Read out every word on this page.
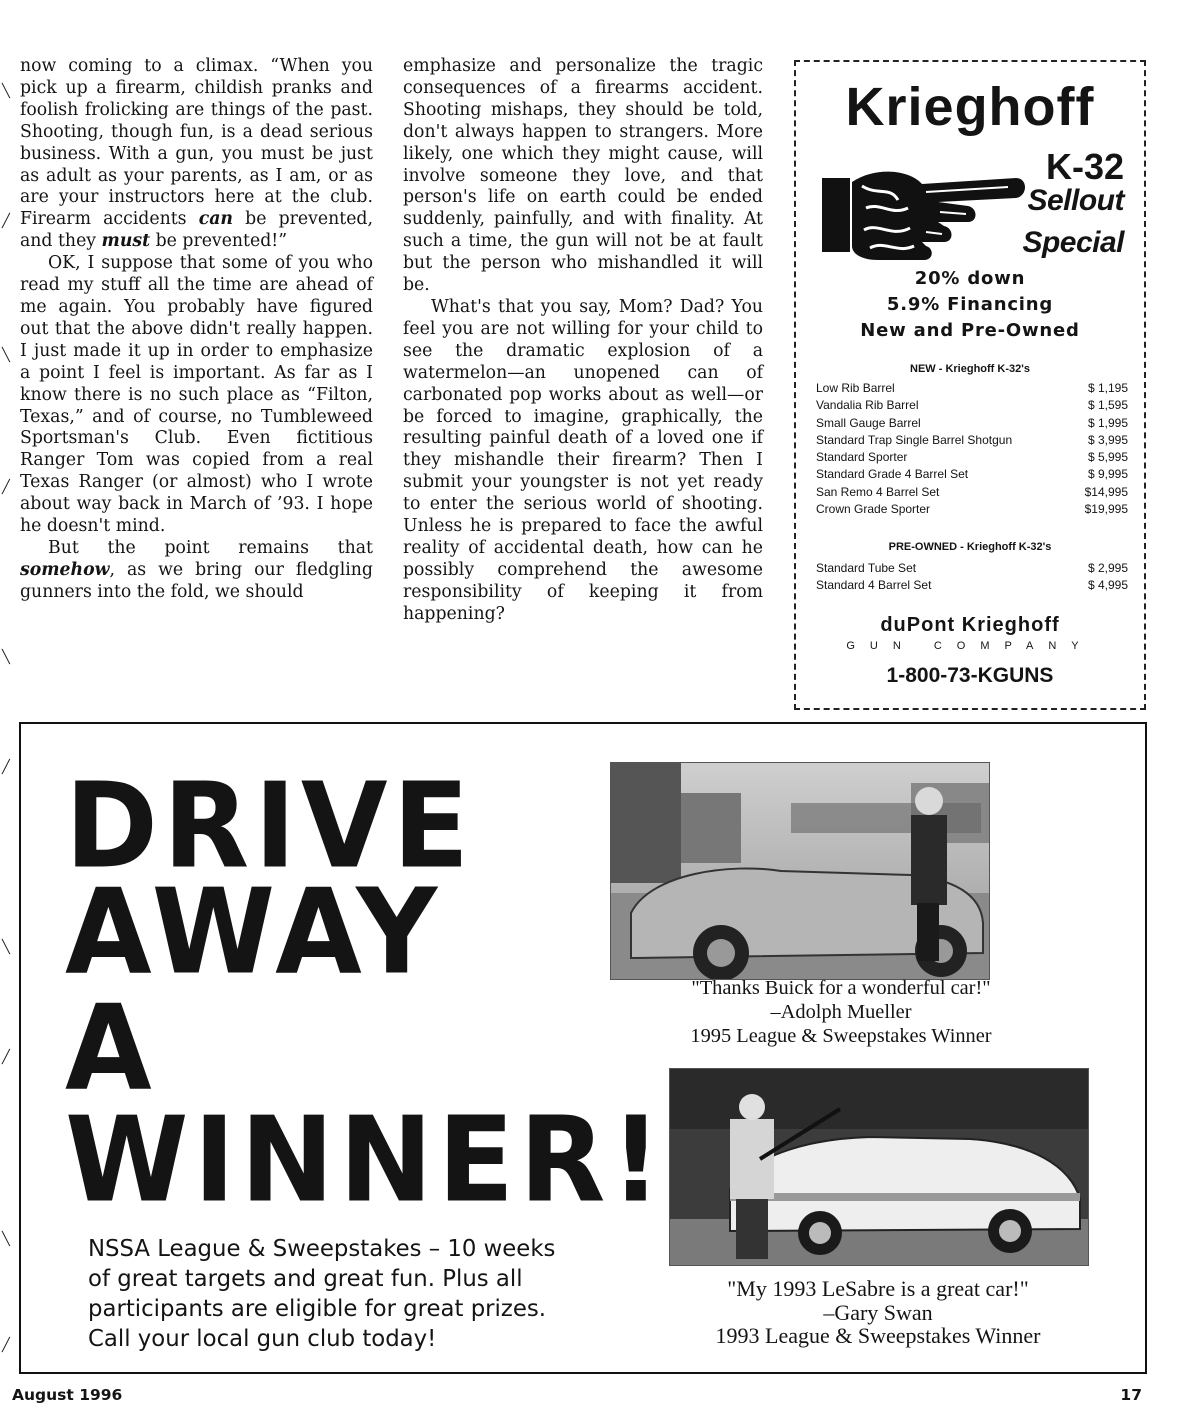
now coming to a climax. “When you pick up a firearm, childish pranks and foolish frolicking are things of the past. Shooting, though fun, is a dead serious business. With a gun, you must be just as adult as your parents, as I am, or as are your instructors here at the club. Firearm accidents can be prevented, and they must be prevented!”

OK, I suppose that some of you who read my stuff all the time are ahead of me again. You probably have figured out that the above didn't really happen. I just made it up in order to emphasize a point I feel is important. As far as I know there is no such place as “Filton, Texas,” and of course, no Tumbleweed Sportsman's Club. Even fictitious Ranger Tom was copied from a real Texas Ranger (or almost) who I wrote about way back in March of ’93. I hope he doesn't mind.

But the point remains that somehow, as we bring our fledgling gunners into the fold, we should

emphasize and personalize the tragic consequences of a firearms accident. Shooting mishaps, they should be told, don't always happen to strangers. More likely, one which they might cause, will involve someone they love, and that person's life on earth could be ended suddenly, painfully, and with finality. At such a time, the gun will not be at fault but the person who mishandled it will be.

What's that you say, Mom? Dad? You feel you are not willing for your child to see the dramatic explosion of a watermelon—an unopened can of carbonated pop works about as well—or be forced to imagine, graphically, the resulting painful death of a loved one if they mishandle their firearm? Then I submit your youngster is not yet ready to enter the serious world of shooting. Unless he is prepared to face the awful reality of accidental death, how can he possibly comprehend the awesome responsibility of keeping it from happening?

╲
╱
╲
╱
╲
╱
╲
╱
╲
╱
Krieghoff
K-32
Sellout
Special
20% down
5.9% Financing
New and Pre-Owned
NEW - Krieghoff K-32's
Low Rib Barrel	$ 1,195
Vandalia Rib Barrel	$ 1,595
Small Gauge Barrel	$ 1,995
Standard Trap Single Barrel Shotgun	$ 3,995
Standard Sporter	$ 5,995
Standard Grade 4 Barrel Set	$ 9,995
San Remo 4 Barrel Set	$14,995
Crown Grade Sporter	$19,995
PRE-OWNED - Krieghoff K-32's
Standard Tube Set	$ 2,995
Standard 4 Barrel Set	$ 4,995
duPont Krieghoff
GUN COMPANY
1-800-73-KGUNS
DRIVE
AWAY
A
WINNER!
NSSA League & Sweepstakes – 10 weeks
of great targets and great fun. Plus all
participants are eligible for great prizes.
Call your local gun club today!
"Thanks Buick for a wonderful car!"
–Adolph Mueller
1995 League & Sweepstakes Winner
"My 1993 LeSabre is a great car!"
–Gary Swan
1993 League & Sweepstakes Winner
August 1996	17
